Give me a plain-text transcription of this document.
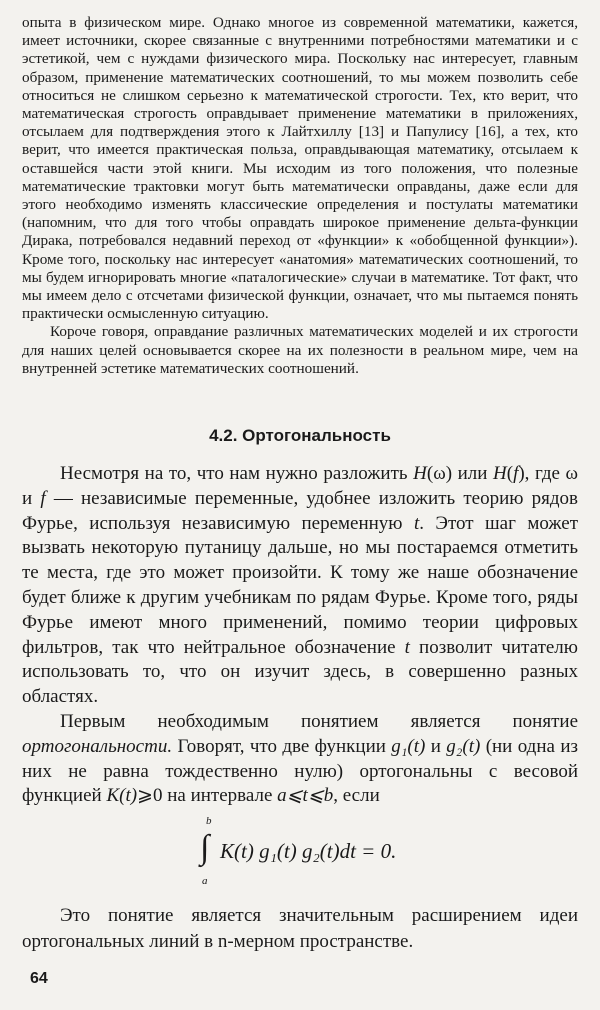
опыта в физическом мире. Однако многое из современной математики, кажется, имеет источники, скорее связанные с внутренними потребностями математики и с эстетикой, чем с нуждами физического мира. Поскольку нас интересует, главным образом, применение математических соотношений, то мы можем позволить себе относиться не слишком серьезно к математической строгости. Тех, кто верит, что математическая строгость оправдывает применение математики в приложениях, отсылаем для подтверждения этого к Лайтхиллу [13] и Папулису [16], а тех, кто верит, что имеется практическая польза, оправдывающая математику, отсылаем к оставшейся части этой книги. Мы исходим из того положения, что полезные математические трактовки могут быть математически оправданы, даже если для этого необходимо изменять классические определения и постулаты математики (напомним, что для того чтобы оправдать широкое применение дельта-функции Дирака, потребовался недавний переход от «функции» к «обобщенной функции»). Кроме того, поскольку нас интересует «анатомия» математических соотношений, то мы будем игнорировать многие «паталогические» случаи в математике. Тот факт, что мы имеем дело с отсчетами физической функции, означает, что мы пытаемся понять практически осмысленную ситуацию.

Короче говоря, оправдание различных математических моделей и их строгости для наших целей основывается скорее на их полезности в реальном мире, чем на внутренней эстетике математических соотношений.

4.2. Ортогональность

Несмотря на то, что нам нужно разложить H(ω) или H(f), где ω и f — независимые переменные, удобнее изложить теорию рядов Фурье, используя независимую переменную t. Этот шаг может вызвать некоторую путаницу дальше, но мы постараемся отметить те места, где это может произойти. К тому же наше обозначение будет ближе к другим учебникам по рядам Фурье. Кроме того, ряды Фурье имеют много применений, помимо теории цифровых фильтров, так что нейтральное обозначение t позволит читателю использовать то, что он изучит здесь, в совершенно разных областях.

Первым необходимым понятием является понятие ортогональности. Говорят, что две функции g₁(t) и g₂(t) (ни одна из них не равна тождественно нулю) ортогональны с весовой функцией K(t)⩾0 на интервале a⩽t⩽b, если

b
∫
a
K(t) g₁(t) g₂(t)dt = 0.

Это понятие является значительным расширением идеи ортогональных линий в n-мерном пространстве.

64
